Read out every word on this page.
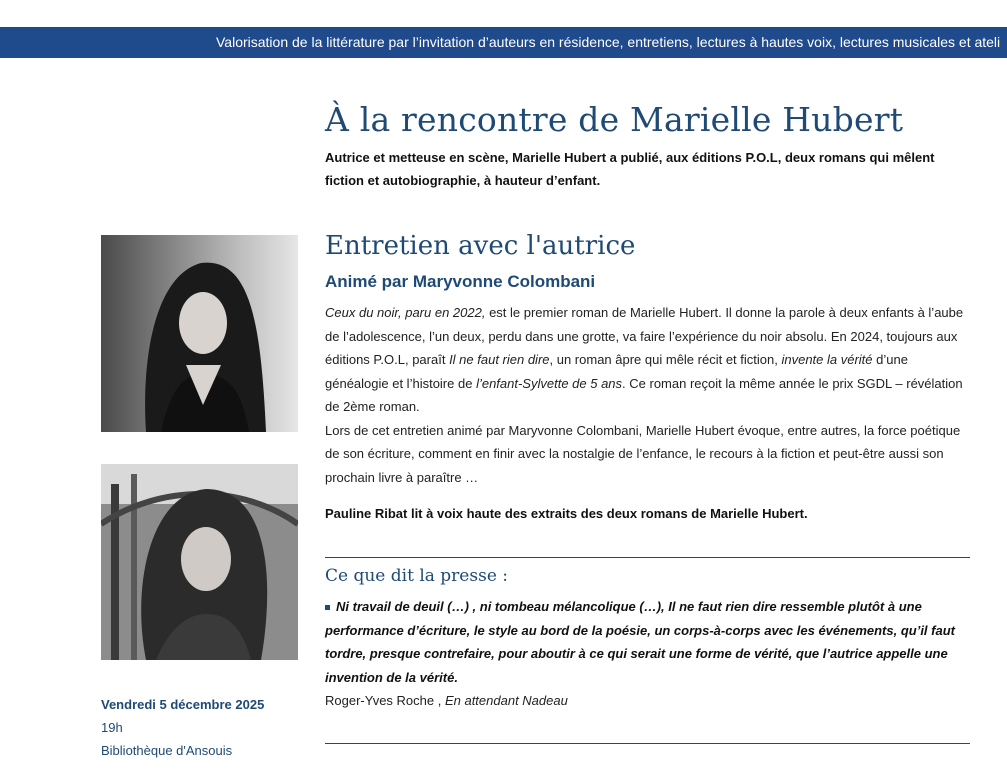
Valorisation de la littérature par l’invitation d’auteurs en résidence, entretiens, lectures à hautes voix, lectures musicales et ateli
À la rencontre de Marielle Hubert
Autrice et metteuse en scène, Marielle Hubert a publié, aux éditions P.O.L, deux romans qui mêlent fiction et autobiographie, à hauteur d’enfant.
Vendredi 5 décembre 2025
19h
Bibliothèque d'Ansouis
Entretien avec l'autrice
Animé par Maryvonne Colombani

Ceux du noir, paru en 2022, est le premier roman de Marielle Hubert. Il donne la parole à deux enfants à l’aube de l’adolescence, l’un deux, perdu dans une grotte, va faire l’expérience du noir absolu. En 2024, toujours aux éditions P.O.L, paraît Il ne faut rien dire, un roman âpre qui mêle récit et fiction, invente la vérité d’une généalogie et l’histoire de l’enfant-Sylvette de 5 ans. Ce roman reçoit la même année le prix SGDL – révélation de 2ème roman.

Lors de cet entretien animé par Maryvonne Colombani, Marielle Hubert évoque, entre autres, la force poétique de son écriture, comment en finir avec la nostalgie de l’enfance, le recours à la fiction et peut-être aussi son prochain livre à paraître …

Pauline Ribat lit à voix haute des extraits des deux romans de Marielle Hubert.
Ce que dit la presse :
Ni travail de deuil (…) , ni tombeau mélancolique (…), Il ne faut rien dire ressemble plutôt à une performance d’écriture, le style au bord de la poésie, un corps-à-corps avec les événements, qu’il faut tordre, presque contrefaire, pour aboutir à ce qui serait une forme de vérité, que l’autrice appelle une invention de la vérité.
Roger-Yves Roche , En attendant Nadeau
